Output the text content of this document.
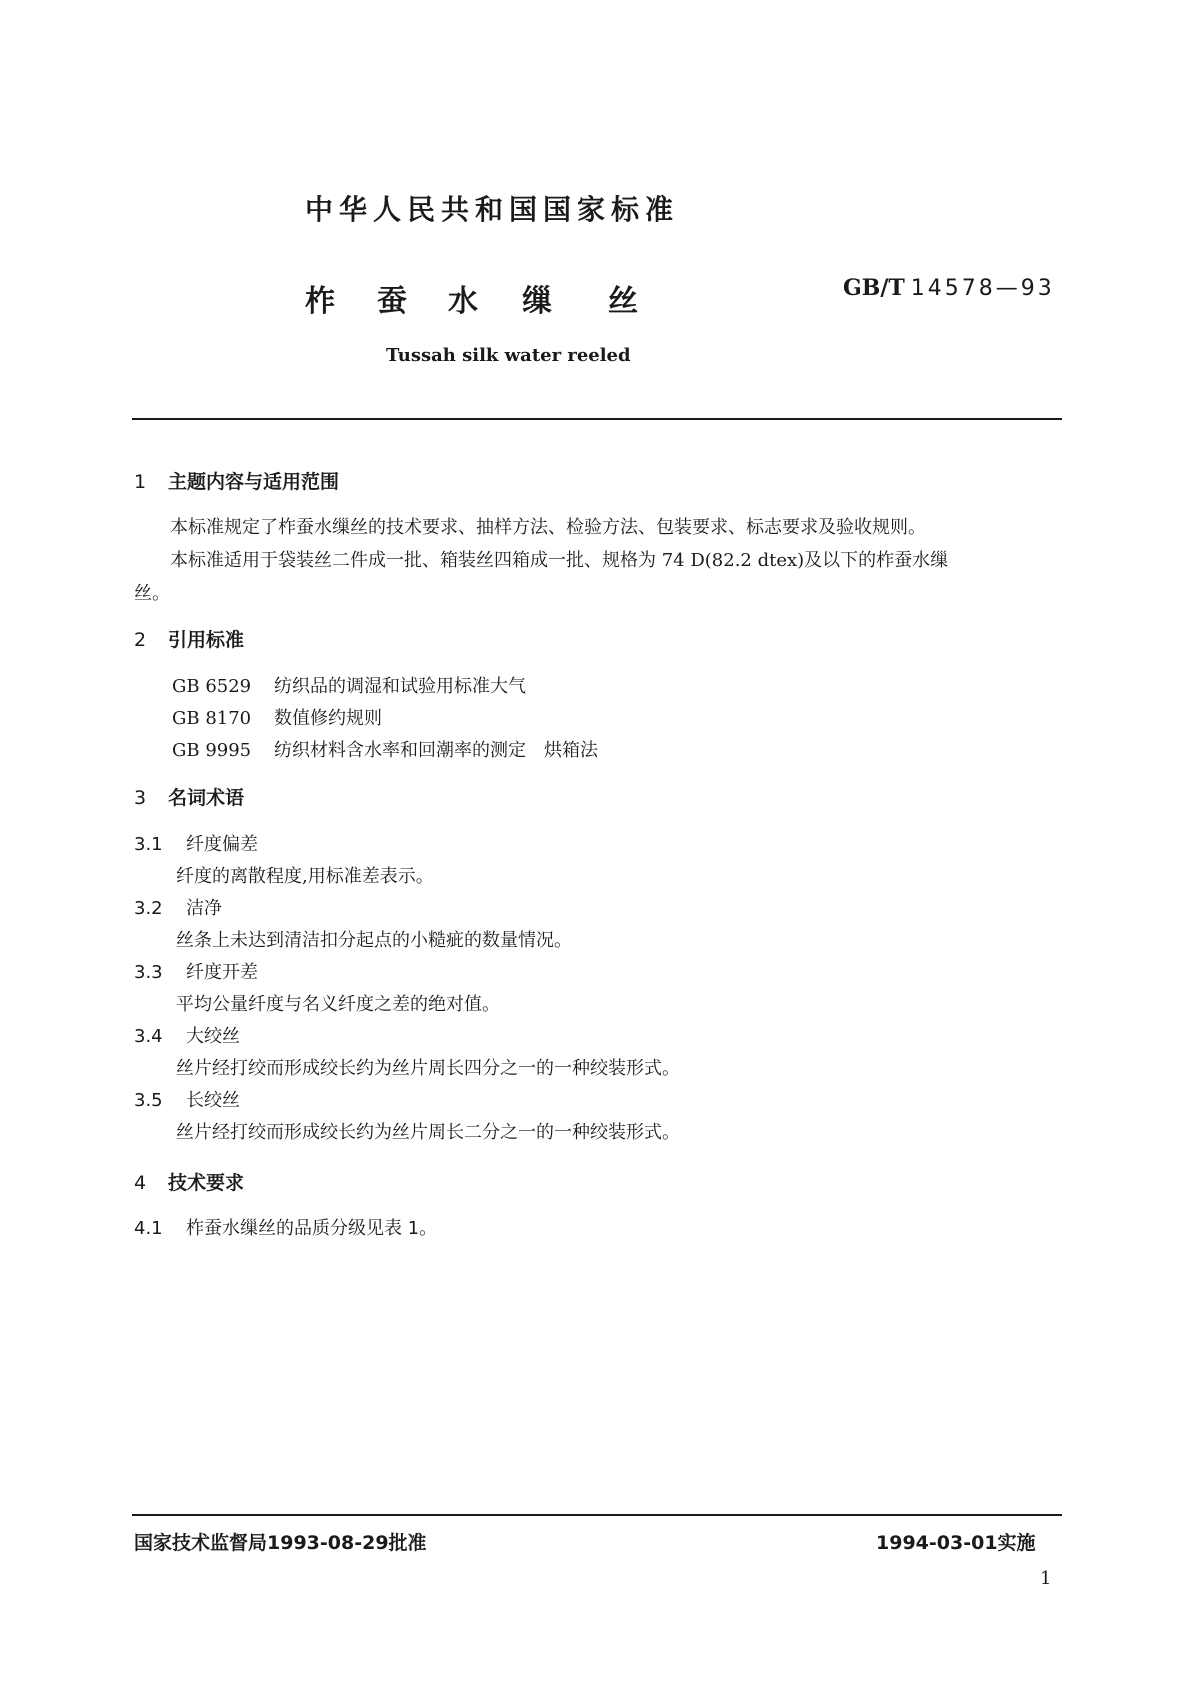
中华人民共和国国家标准
柞 蚕 水 缫 丝	GB/T 14578—93
Tussah silk water reeled
1 主题内容与适用范围
本标准规定了柞蚕水缫丝的技术要求、抽样方法、检验方法、包装要求、标志要求及验收规则。
本标准适用于袋装丝二件成一批、箱装丝四箱成一批、规格为 74 D(82.2 dtex)及以下的柞蚕水缫
丝。
2 引用标准
GB 6529 纺织品的调湿和试验用标准大气
GB 8170 数值修约规则
GB 9995 纺织材料含水率和回潮率的测定　烘箱法
3 名词术语
3.1 纤度偏差
纤度的离散程度,用标准差表示。
3.2 洁净
丝条上未达到清洁扣分起点的小糙疵的数量情况。
3.3 纤度开差
平均公量纤度与名义纤度之差的绝对值。
3.4 大绞丝
丝片经打绞而形成绞长约为丝片周长四分之一的一种绞装形式。
3.5 长绞丝
丝片经打绞而形成绞长约为丝片周长二分之一的一种绞装形式。
4 技术要求
4.1 柞蚕水缫丝的品质分级见表 1。
国家技术监督局1993-08-29批准	1994-03-01实施
1
